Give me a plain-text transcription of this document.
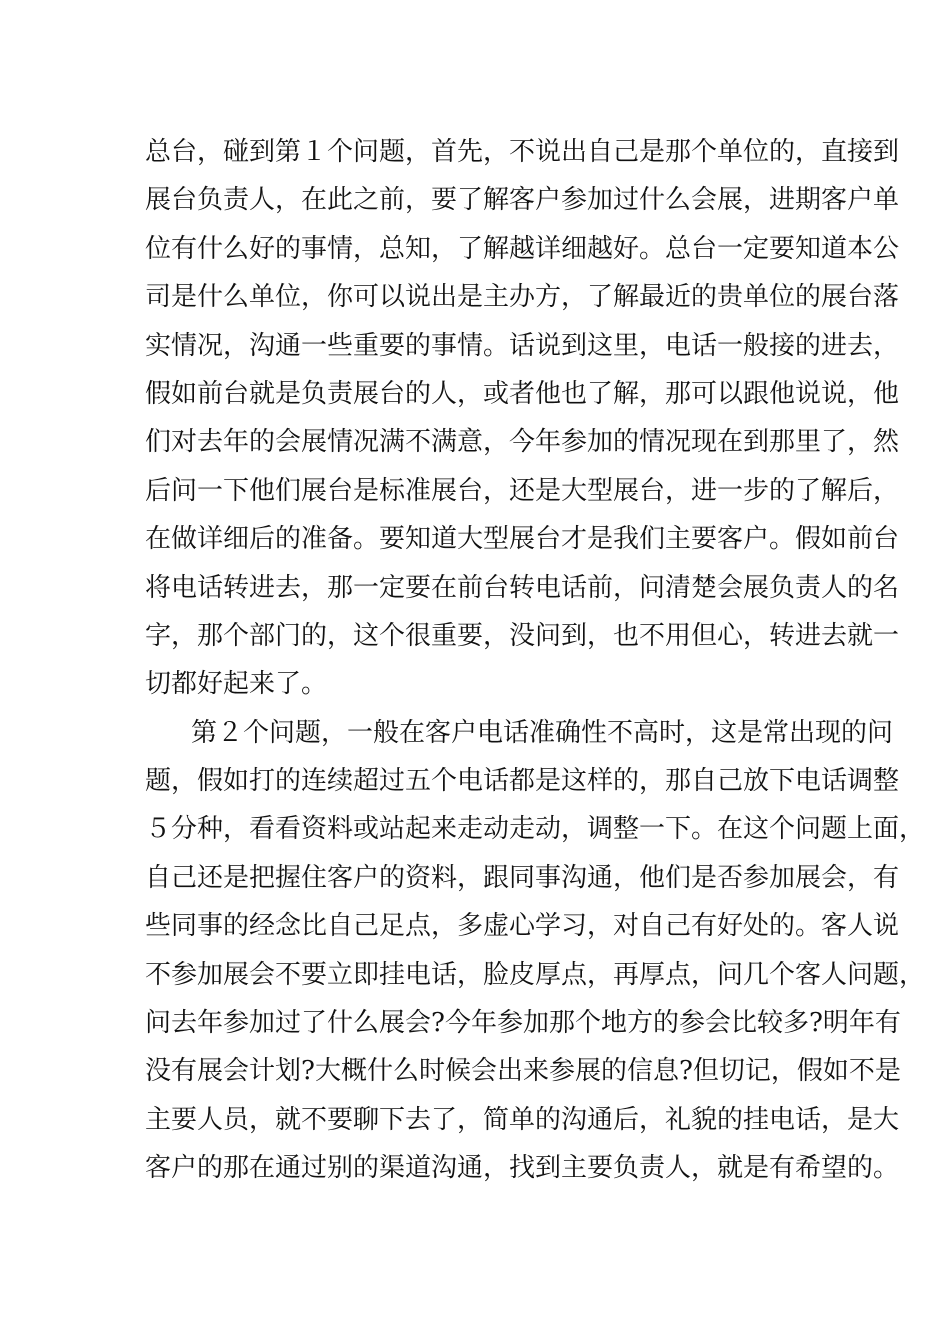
总台，碰到第１个问题，首先，不说出自己是那个单位的，直接到
展台负责人，在此之前，要了解客户参加过什么会展，进期客户单
位有什么好的事情，总知，了解越详细越好。总台一定要知道本公
司是什么单位，你可以说出是主办方，了解最近的贵单位的展台落
实情况，沟通一些重要的事情。话说到这里，电话一般接的进去，
假如前台就是负责展台的人，或者他也了解，那可以跟他说说，他
们对去年的会展情况满不满意，今年参加的情况现在到那里了，然
后问一下他们展台是标准展台，还是大型展台，进一步的了解后，
在做详细后的准备。要知道大型展台才是我们主要客户。假如前台
将电话转进去，那一定要在前台转电话前，问清楚会展负责人的名
字，那个部门的，这个很重要，没问到，也不用但心，转进去就一
切都好起来了。
第２个问题，一般在客户电话准确性不高时，这是常出现的问
题，假如打的连续超过五个电话都是这样的，那自己放下电话调整
５分种，看看资料或站起来走动走动，调整一下。在这个问题上面，
自己还是把握住客户的资料，跟同事沟通，他们是否参加展会，有
些同事的经念比自己足点，多虚心学习，对自己有好处的。客人说
不参加展会不要立即挂电话，脸皮厚点，再厚点，问几个客人问题，
问去年参加过了什么展会?今年参加那个地方的参会比较多?明年有
没有展会计划?大概什么时候会出来参展的信息?但切记，假如不是
主要人员，就不要聊下去了，简单的沟通后，礼貌的挂电话，是大
客户的那在通过别的渠道沟通，找到主要负责人，就是有希望的。
